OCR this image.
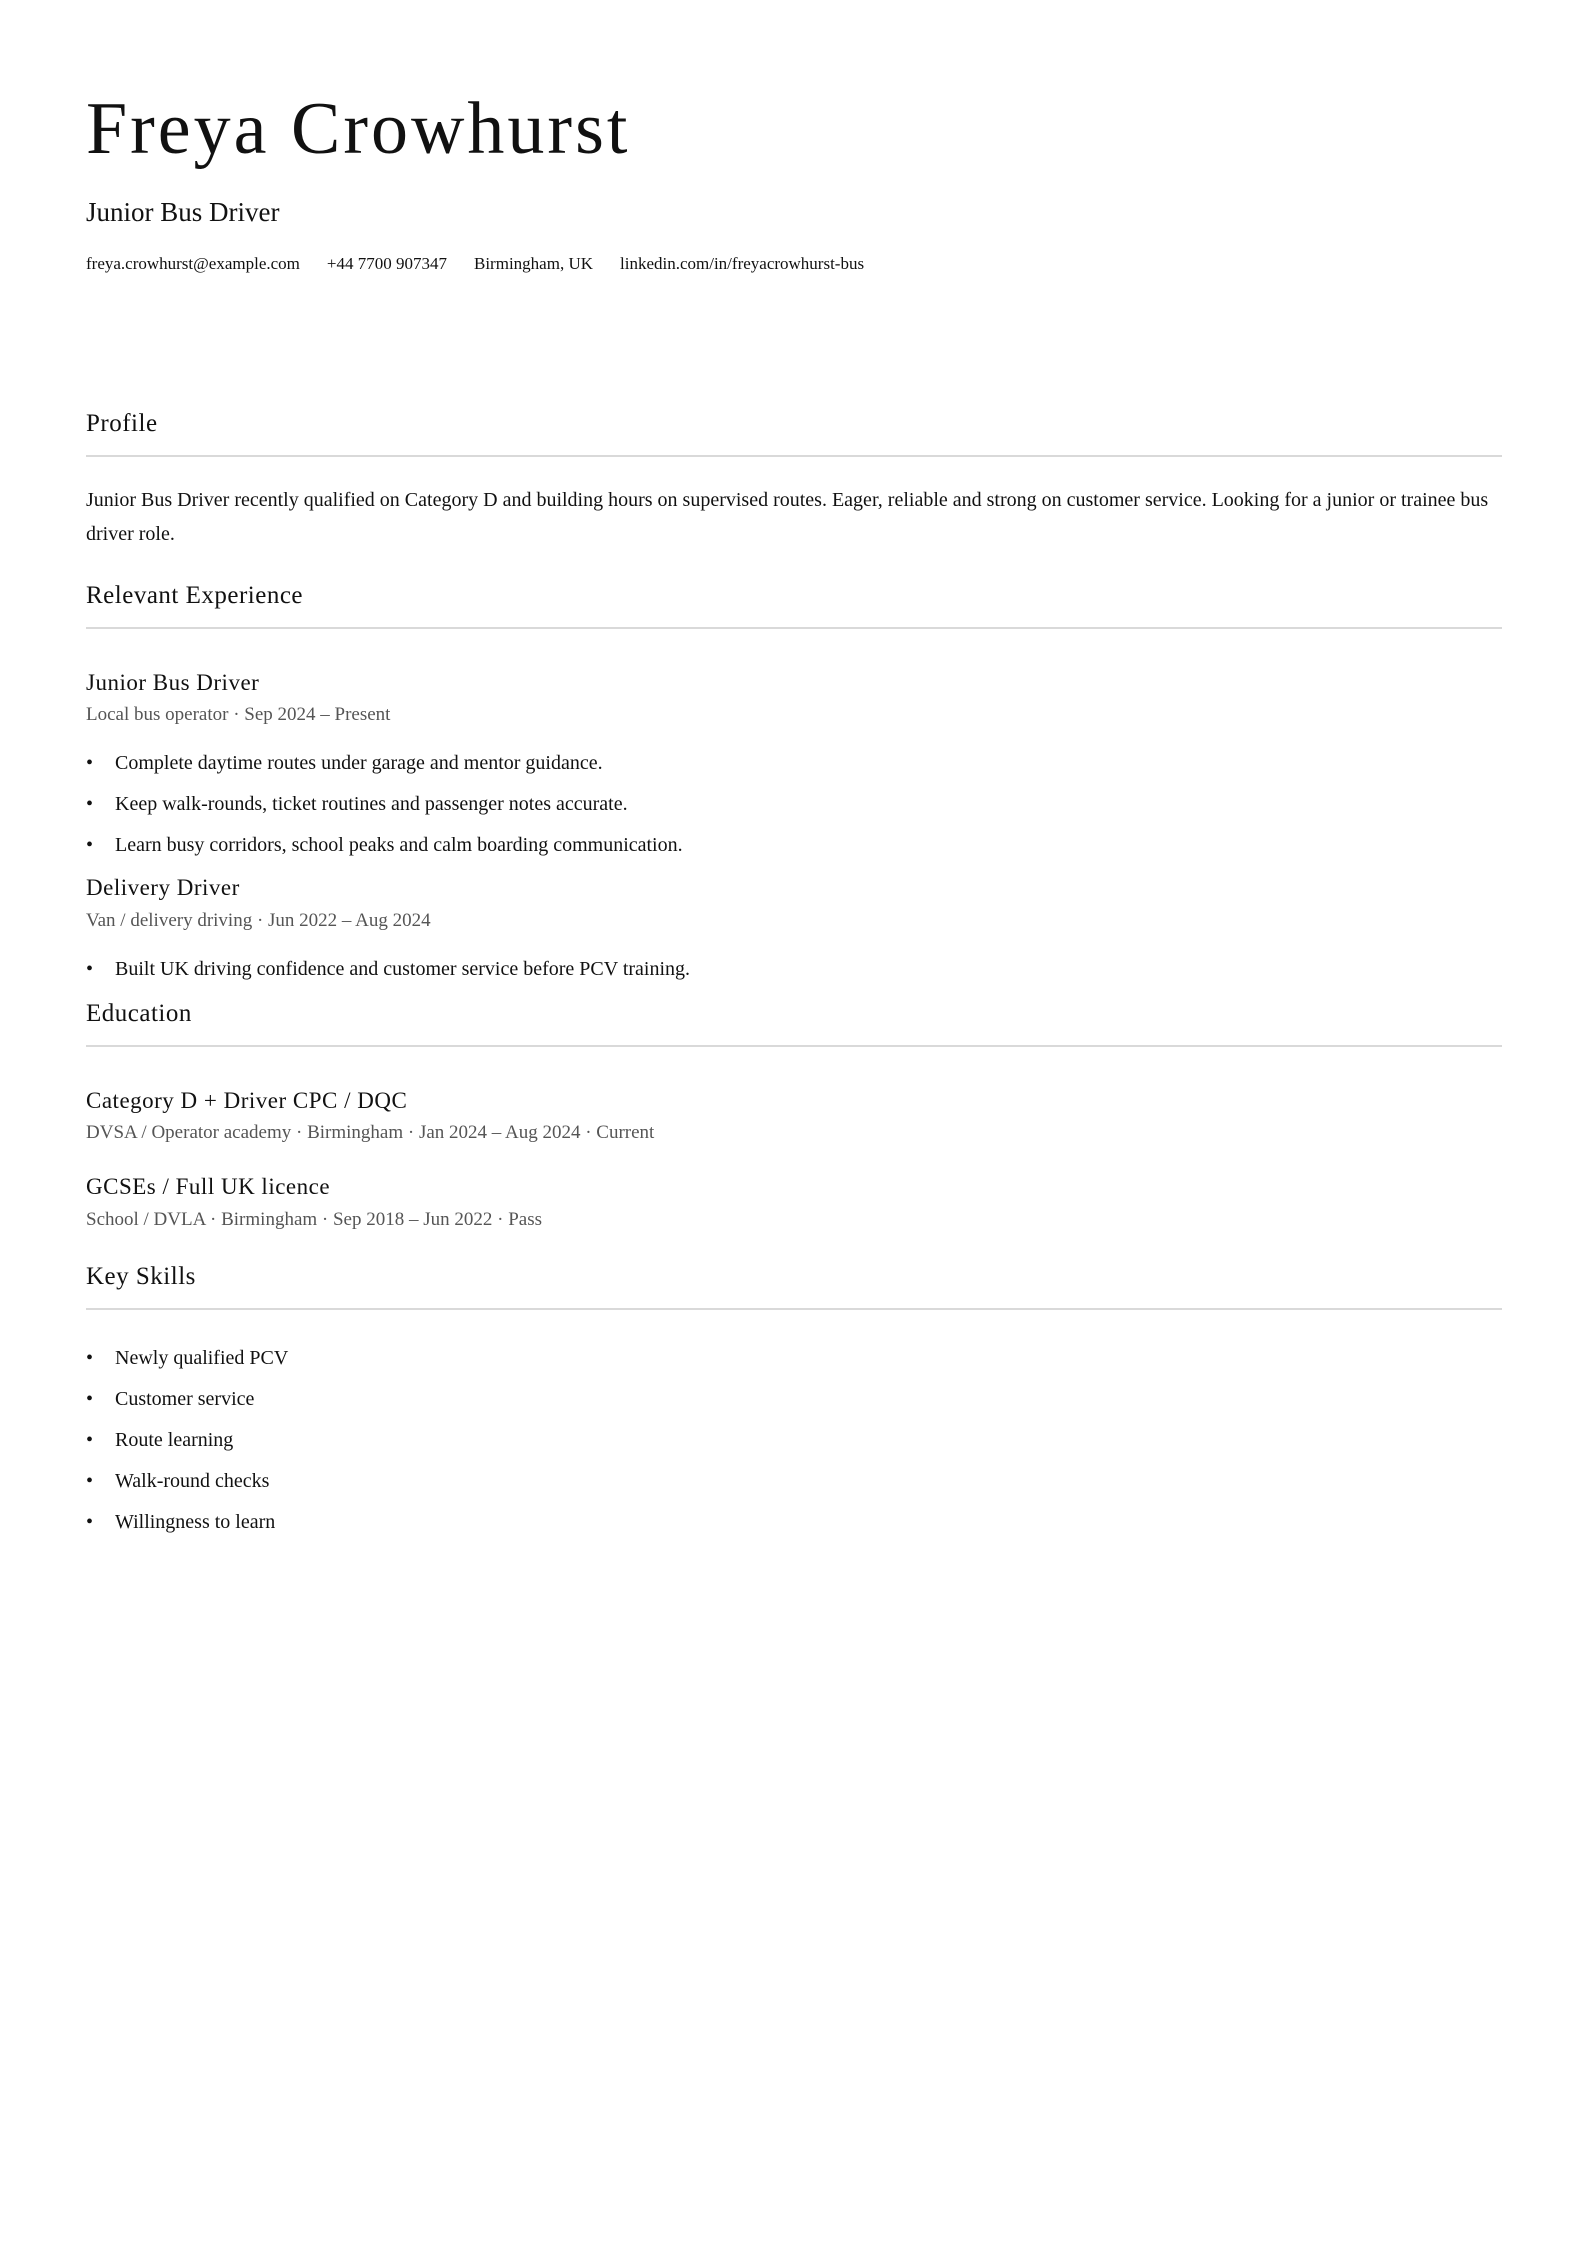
Freya Crowhurst
Junior Bus Driver
freya.crowhurst@example.com +44 7700 907347 Birmingham, UK linkedin.com/in/freyacrowhurst-bus
Profile
Junior Bus Driver recently qualified on Category D and building hours on supervised routes. Eager, reliable and strong on customer service. Looking for a junior or trainee bus driver role.
Relevant Experience
Junior Bus Driver
Local bus operator · Sep 2024 – Present
• Complete daytime routes under garage and mentor guidance.
• Keep walk-rounds, ticket routines and passenger notes accurate.
• Learn busy corridors, school peaks and calm boarding communication.
Delivery Driver
Van / delivery driving · Jun 2022 – Aug 2024
• Built UK driving confidence and customer service before PCV training.
Education
Category D + Driver CPC / DQC
DVSA / Operator academy · Birmingham · Jan 2024 – Aug 2024 · Current
GCSEs / Full UK licence
School / DVLA · Birmingham · Sep 2018 – Jun 2022 · Pass
Key Skills
• Newly qualified PCV
• Customer service
• Route learning
• Walk-round checks
• Willingness to learn
